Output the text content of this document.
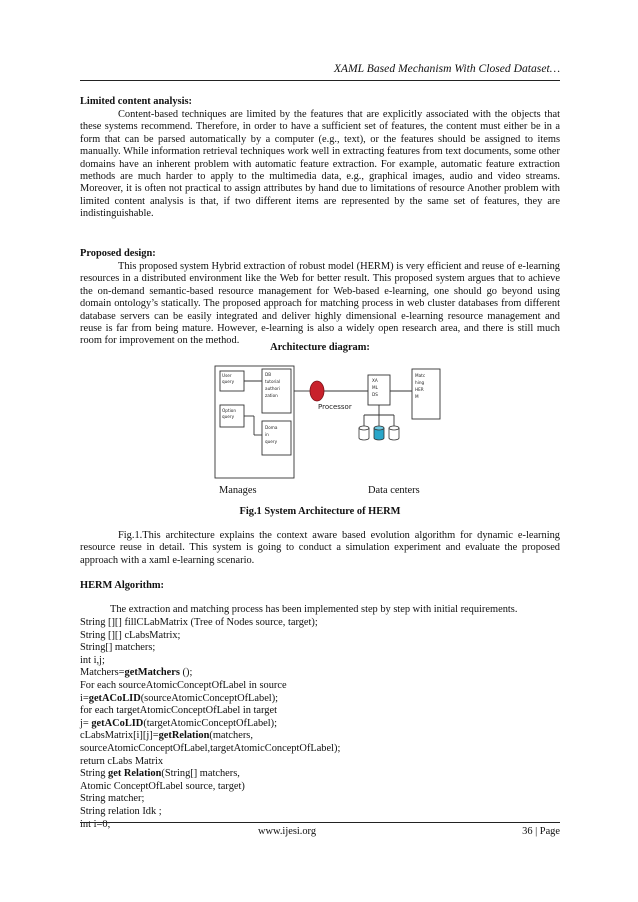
XAML Based Mechanism With Closed Dataset…
Limited content analysis:
Content-based techniques are limited by the features that are explicitly associated with the objects that these systems recommend. Therefore, in order to have a sufficient set of features, the content must either be in a form that can be parsed automatically by a computer (e.g., text), or the features should be assigned to items manually. While information retrieval techniques work well in extracting features from text documents, some other domains have an inherent problem with automatic feature extraction. For example, automatic feature extraction methods are much harder to apply to the multimedia data, e.g., graphical images, audio and video streams. Moreover, it is often not practical to assign attributes by hand due to limitations of resource Another problem with limited content analysis is that, if two different items are represented by the same set of features, they are indistinguishable.
Proposed design:
This proposed system Hybrid extraction of robust model (HERM) is very efficient and reuse of e-learning resources in a distributed environment like the Web for better result. This proposed system argues that to achieve the on-demand semantic-based resource management for Web-based e-learning, one should go beyond using domain ontology’s statically. The proposed approach for matching process in web cluster databases from different database servers can be easily integrated and deliver highly dimensional e-learning resource management and reuse is far from being mature. However, e-learning is also a widely open research area, and there is still much room for improvement on the method.
Architecture diagram:
User
query
Option
query
DB
tutorial
authori
zation
Doma
in
query
XA
ML
DS
Matc
hing
HER
M
Processor
Manages	Data centers
Fig.1 System Architecture of HERM
Fig.1.This architecture explains the context aware based evolution algorithm for dynamic e-learning resource reuse in detail. This system is going to conduct a simulation experiment and evaluate the proposed approach with a xaml e-learning scenario.
HERM Algorithm:
The extraction and matching process has been implemented step by step with initial requirements.
String [][] fillCLabMatrix (Tree of Nodes source, target);
String [][] cLabsMatrix;
String[] matchers;
int i,j;
Matchers=getMatchers ();
For each sourceAtomicConceptOfLabel in source
i=getACoLID(sourceAtomicConceptOfLabel);
for each targetAtomicConceptOfLabel in target
j= getACoLID(targetAtomicConceptOfLabel);
cLabsMatrix[i][j]=getRelation(matchers,
sourceAtomicConceptOfLabel,targetAtomicConceptOfLabel);
return cLabs Matrix
String get Relation(String[] matchers,
Atomic ConceptOfLabel source, target)
String matcher;
String relation Idk ;
int i=0;
www.ijesi.org	36 | Page
